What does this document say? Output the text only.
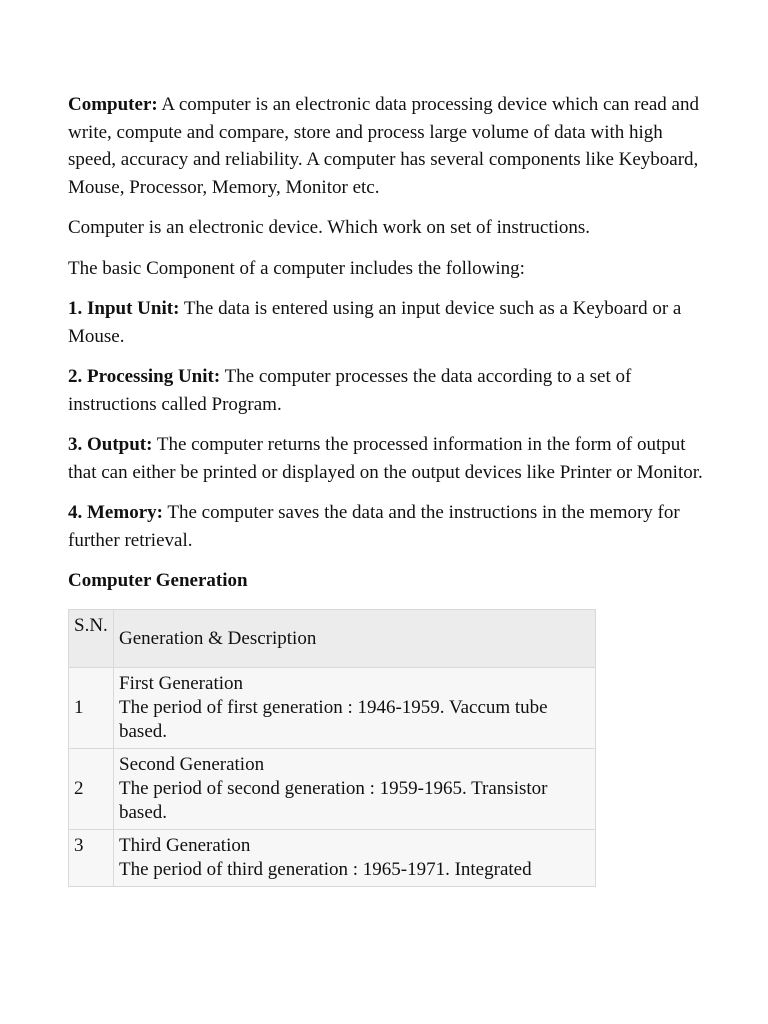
Computer: A computer is an electronic data processing device which can read and write, compute and compare, store and process large volume of data with high speed, accuracy and reliability. A computer has several components like Keyboard, Mouse, Processor, Memory, Monitor etc.

Computer is an electronic device. Which work on set of instructions.

The basic Component of a computer includes the following:

1. Input Unit: The data is entered using an input device such as a Keyboard or a Mouse.

2. Processing Unit: The computer processes the data according to a set of instructions called Program.

3. Output: The computer returns the processed information in the form of output that can either be printed or displayed on the output devices like Printer or Monitor.

4. Memory: The computer saves the data and the instructions in the memory for further retrieval.

Computer Generation
S.N.	Generation & Description
1	First Generation
The period of first generation : 1946-1959. Vaccum tube based.

2	Second Generation
The period of second generation : 1959-1965. Transistor based.

3	Third Generation
The period of third generation : 1965-1971. Integrated
